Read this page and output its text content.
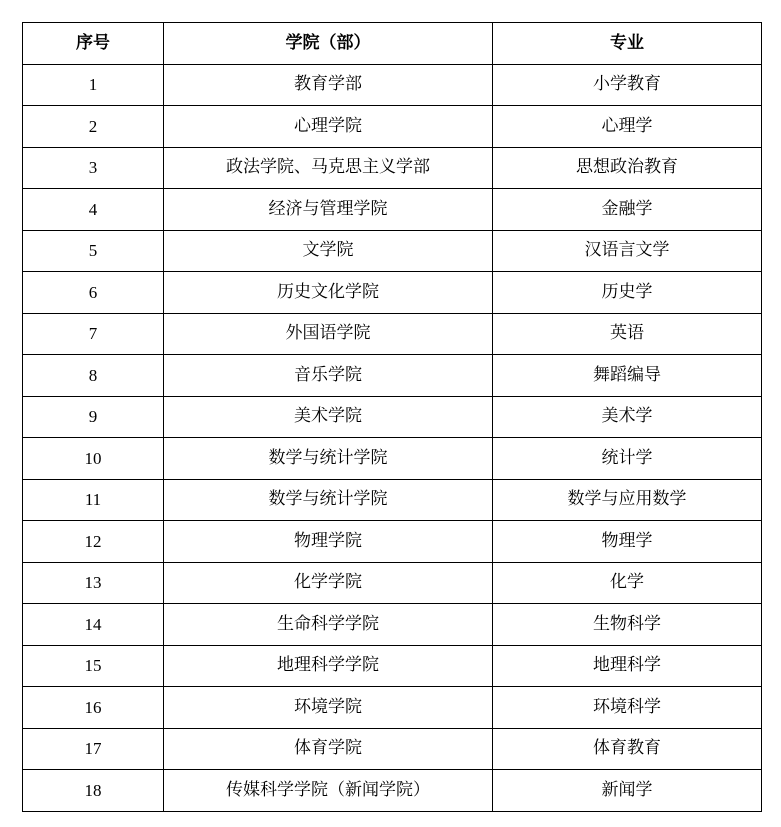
序号	学院（部）	专业
1	教育学部	小学教育
2	心理学院	心理学
3	政法学院、马克思主义学部	思想政治教育
4	经济与管理学院	金融学
5	文学院	汉语言文学
6	历史文化学院	历史学
7	外国语学院	英语
8	音乐学院	舞蹈编导
9	美术学院	美术学
10	数学与统计学院	统计学
11	数学与统计学院	数学与应用数学
12	物理学院	物理学
13	化学学院	化学
14	生命科学学院	生物科学
15	地理科学学院	地理科学
16	环境学院	环境科学
17	体育学院	体育教育
18	传媒科学学院（新闻学院）	新闻学
